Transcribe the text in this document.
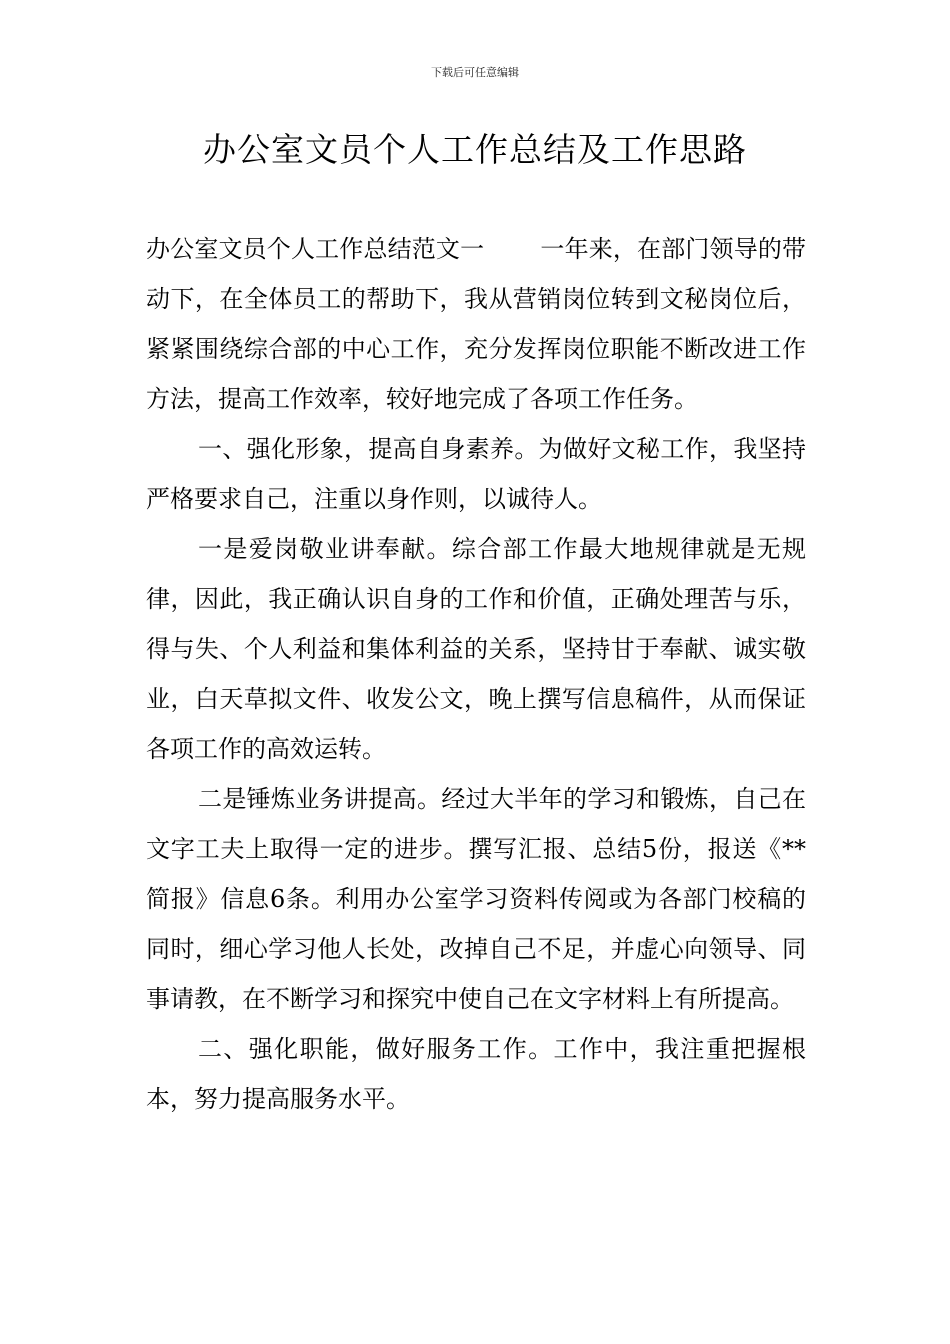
下载后可任意编辑
办公室文员个人工作总结及工作思路

办公室文员个人工作总结范文一 一年来，在部门领导的带动下，在全体员工的帮助下，我从营销岗位转到文秘岗位后，紧紧围绕综合部的中心工作，充分发挥岗位职能不断改进工作方法，提高工作效率，较好地完成了各项工作任务。

一、强化形象，提高自身素养。为做好文秘工作，我坚持严格要求自己，注重以身作则，以诚待人。

一是爱岗敬业讲奉献。综合部工作最大地规律就是无规律，因此，我正确认识自身的工作和价值，正确处理苦与乐，得与失、个人利益和集体利益的关系，坚持甘于奉献、诚实敬业，白天草拟文件、收发公文，晚上撰写信息稿件，从而保证各项工作的高效运转。

二是锤炼业务讲提高。经过大半年的学习和锻炼，自己在文字工夫上取得一定的进步。撰写汇报、总结5份，报送《**简报》信息6条。利用办公室学习资料传阅或为各部门校稿的同时，细心学习他人长处，改掉自己不足，并虚心向领导、同事请教，在不断学习和探究中使自己在文字材料上有所提高。

二、强化职能，做好服务工作。工作中，我注重把握根本，努力提高服务水平。
